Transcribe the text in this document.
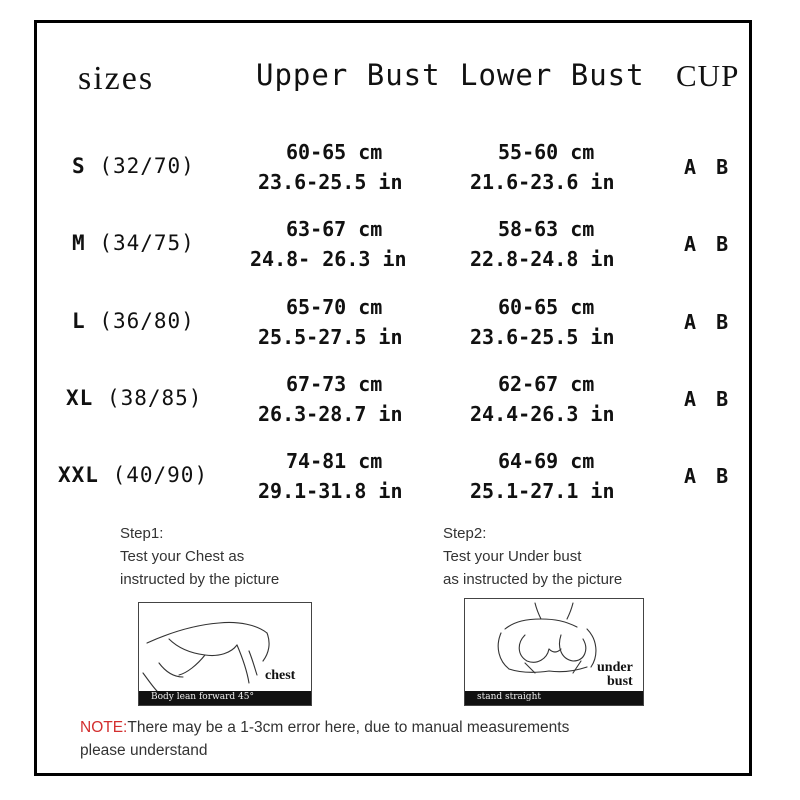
sizes	Upper Bust Lower Bust CUP
S (32/70)
60-65 cm
23.6-25.5 in
55-60 cm
21.6-23.6 in
A B
M (34/75)
63-67 cm
24.8- 26.3 in
58-63 cm
22.8-24.8 in
A B
L (36/80)
65-70 cm
25.5-27.5 in
60-65 cm
23.6-25.5 in
A B
XL (38/85)
67-73 cm
26.3-28.7 in
62-67 cm
24.4-26.3 in
A B
XXL (40/90)
74-81 cm
29.1-31.8 in
64-69 cm
25.1-27.1 in
A B
Step1:
Test your Chest as
instructed by the picture
Step2:
Test your Under bust
as instructed by the picture
chest
Body lean forward 45°
under
bust
stand straight
NOTE:There may be a 1-3cm error here, due to manual measurements
please understand
